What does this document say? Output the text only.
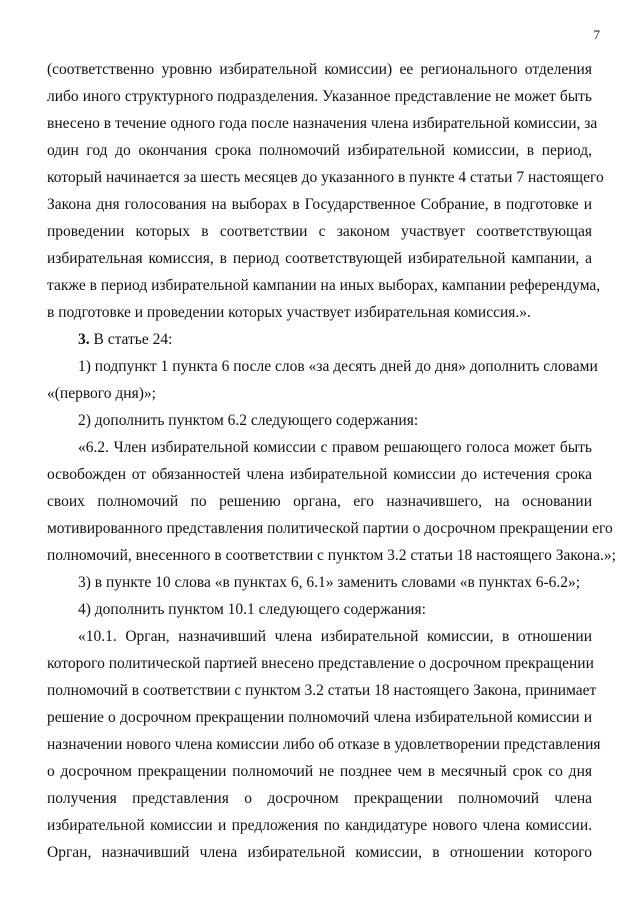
7
(соответственно уровню избирательной комиссии) ее регионального отделения
либо иного структурного подразделения. Указанное представление не может быть
внесено в течение одного года после назначения члена избирательной комиссии, за
один год до окончания срока полномочий избирательной комиссии, в период,
который начинается за шесть месяцев до указанного в пункте 4 статьи 7 настоящего
Закона дня голосования на выборах в Государственное Собрание, в подготовке и
проведении которых в соответствии с законом участвует соответствующая
избирательная комиссия, в период соответствующей избирательной кампании, а
также в период избирательной кампании на иных выборах, кампании референдума,
в подготовке и проведении которых участвует избирательная комиссия.».
3. В статье 24:
1) подпункт 1 пункта 6 после слов «за десять дней до дня» дополнить словами
«(первого дня)»;
2) дополнить пунктом 6.2 следующего содержания:
«6.2. Член избирательной комиссии с правом решающего голоса может быть
освобожден от обязанностей члена избирательной комиссии до истечения срока
своих полномочий по решению органа, его назначившего, на основании
мотивированного представления политической партии о досрочном прекращении его
полномочий, внесенного в соответствии с пунктом 3.2 статьи 18 настоящего Закона.»;
3) в пункте 10 слова «в пунктах 6, 6.1» заменить словами «в пунктах 6-6.2»;
4) дополнить пунктом 10.1 следующего содержания:
«10.1. Орган, назначивший члена избирательной комиссии, в отношении
которого политической партией внесено представление о досрочном прекращении
полномочий в соответствии с пунктом 3.2 статьи 18 настоящего Закона, принимает
решение о досрочном прекращении полномочий члена избирательной комиссии и
назначении нового члена комиссии либо об отказе в удовлетворении представления
о досрочном прекращении полномочий не позднее чем в месячный срок со дня
получения представления о досрочном прекращении полномочий члена
избирательной комиссии и предложения по кандидатуре нового члена комиссии.
Орган, назначивший члена избирательной комиссии, в отношении которого
